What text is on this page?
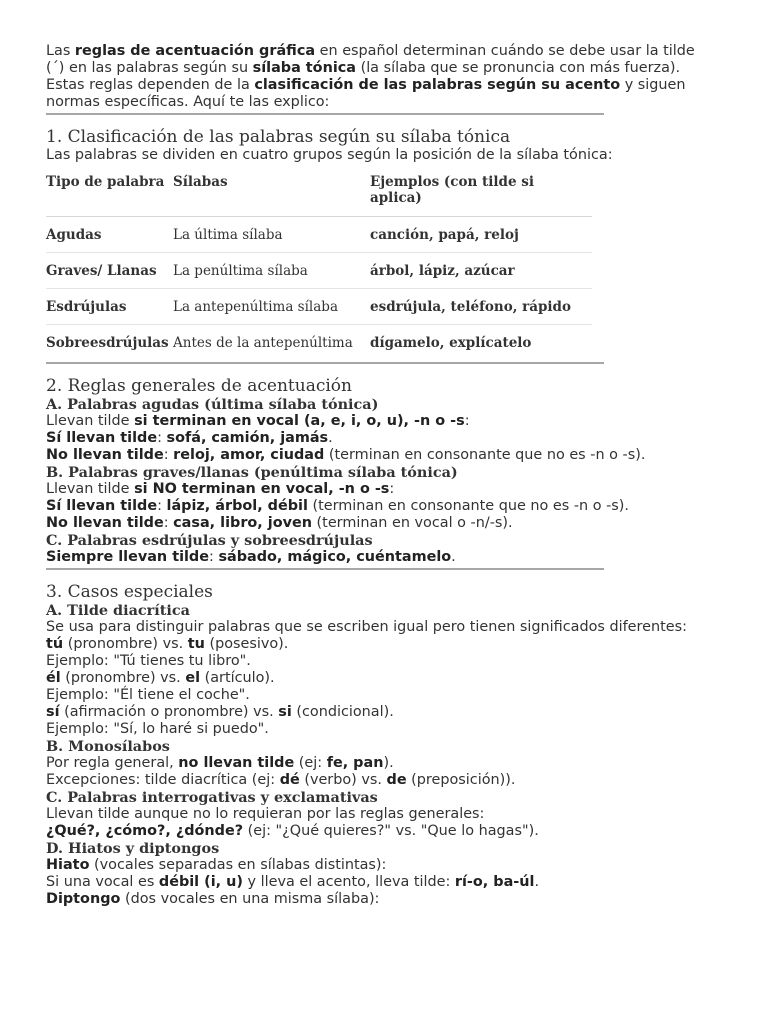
Las reglas de acentuación gráfica en español determinan cuándo se debe usar la tilde (´) en las palabras según su sílaba tónica (la sílaba que se pronuncia con más fuerza). Estas reglas dependen de la clasificación de las palabras según su acento y siguen normas específicas. Aquí te las explico:

1. Clasificación de las palabras según su sílaba tónica

Las palabras se dividen en cuatro grupos según la posición de la sílaba tónica:

Tipo de palabra	Sílabas	Ejemplos (con tilde si aplica)
Agudas	La última sílaba	canción, papá, reloj
Graves/ Llanas	La penúltima sílaba	árbol, lápiz, azúcar
Esdrújulas	La antepenúltima sílaba	esdrújula, teléfono, rápido
Sobreesdrújulas	Antes de la antepenúltima	dígamelo, explícatelo
2. Reglas generales de acentuación
A. Palabras agudas (última sílaba tónica)

Llevan tilde si terminan en vocal (a, e, i, o, u), -n o -s:

Sí llevan tilde: sofá, camión, jamás.

No llevan tilde: reloj, amor, ciudad (terminan en consonante que no es -n o -s).

B. Palabras graves/llanas (penúltima sílaba tónica)

Llevan tilde si NO terminan en vocal, -n o -s:

Sí llevan tilde: lápiz, árbol, débil (terminan en consonante que no es -n o -s).

No llevan tilde: casa, libro, joven (terminan en vocal o -n/-s).

C. Palabras esdrújulas y sobreesdrújulas

Siempre llevan tilde: sábado, mágico, cuéntamelo.

3. Casos especiales
A. Tilde diacrítica

Se usa para distinguir palabras que se escriben igual pero tienen significados diferentes:

tú (pronombre) vs. tu (posesivo).

Ejemplo: "Tú tienes tu libro".

él (pronombre) vs. el (artículo).

Ejemplo: "Él tiene el coche".

sí (afirmación o pronombre) vs. si (condicional).

Ejemplo: "Sí, lo haré si puedo".

B. Monosílabos

Por regla general, no llevan tilde (ej: fe, pan).

Excepciones: tilde diacrítica (ej: dé (verbo) vs. de (preposición)).

C. Palabras interrogativas y exclamativas

Llevan tilde aunque no lo requieran por las reglas generales:

¿Qué?, ¿cómo?, ¿dónde? (ej: "¿Qué quieres?" vs. "Que lo hagas").

D. Hiatos y diptongos

Hiato (vocales separadas en sílabas distintas):

Si una vocal es débil (i, u) y lleva el acento, lleva tilde: rí-o, ba-úl.

Diptongo (dos vocales en una misma sílaba):
